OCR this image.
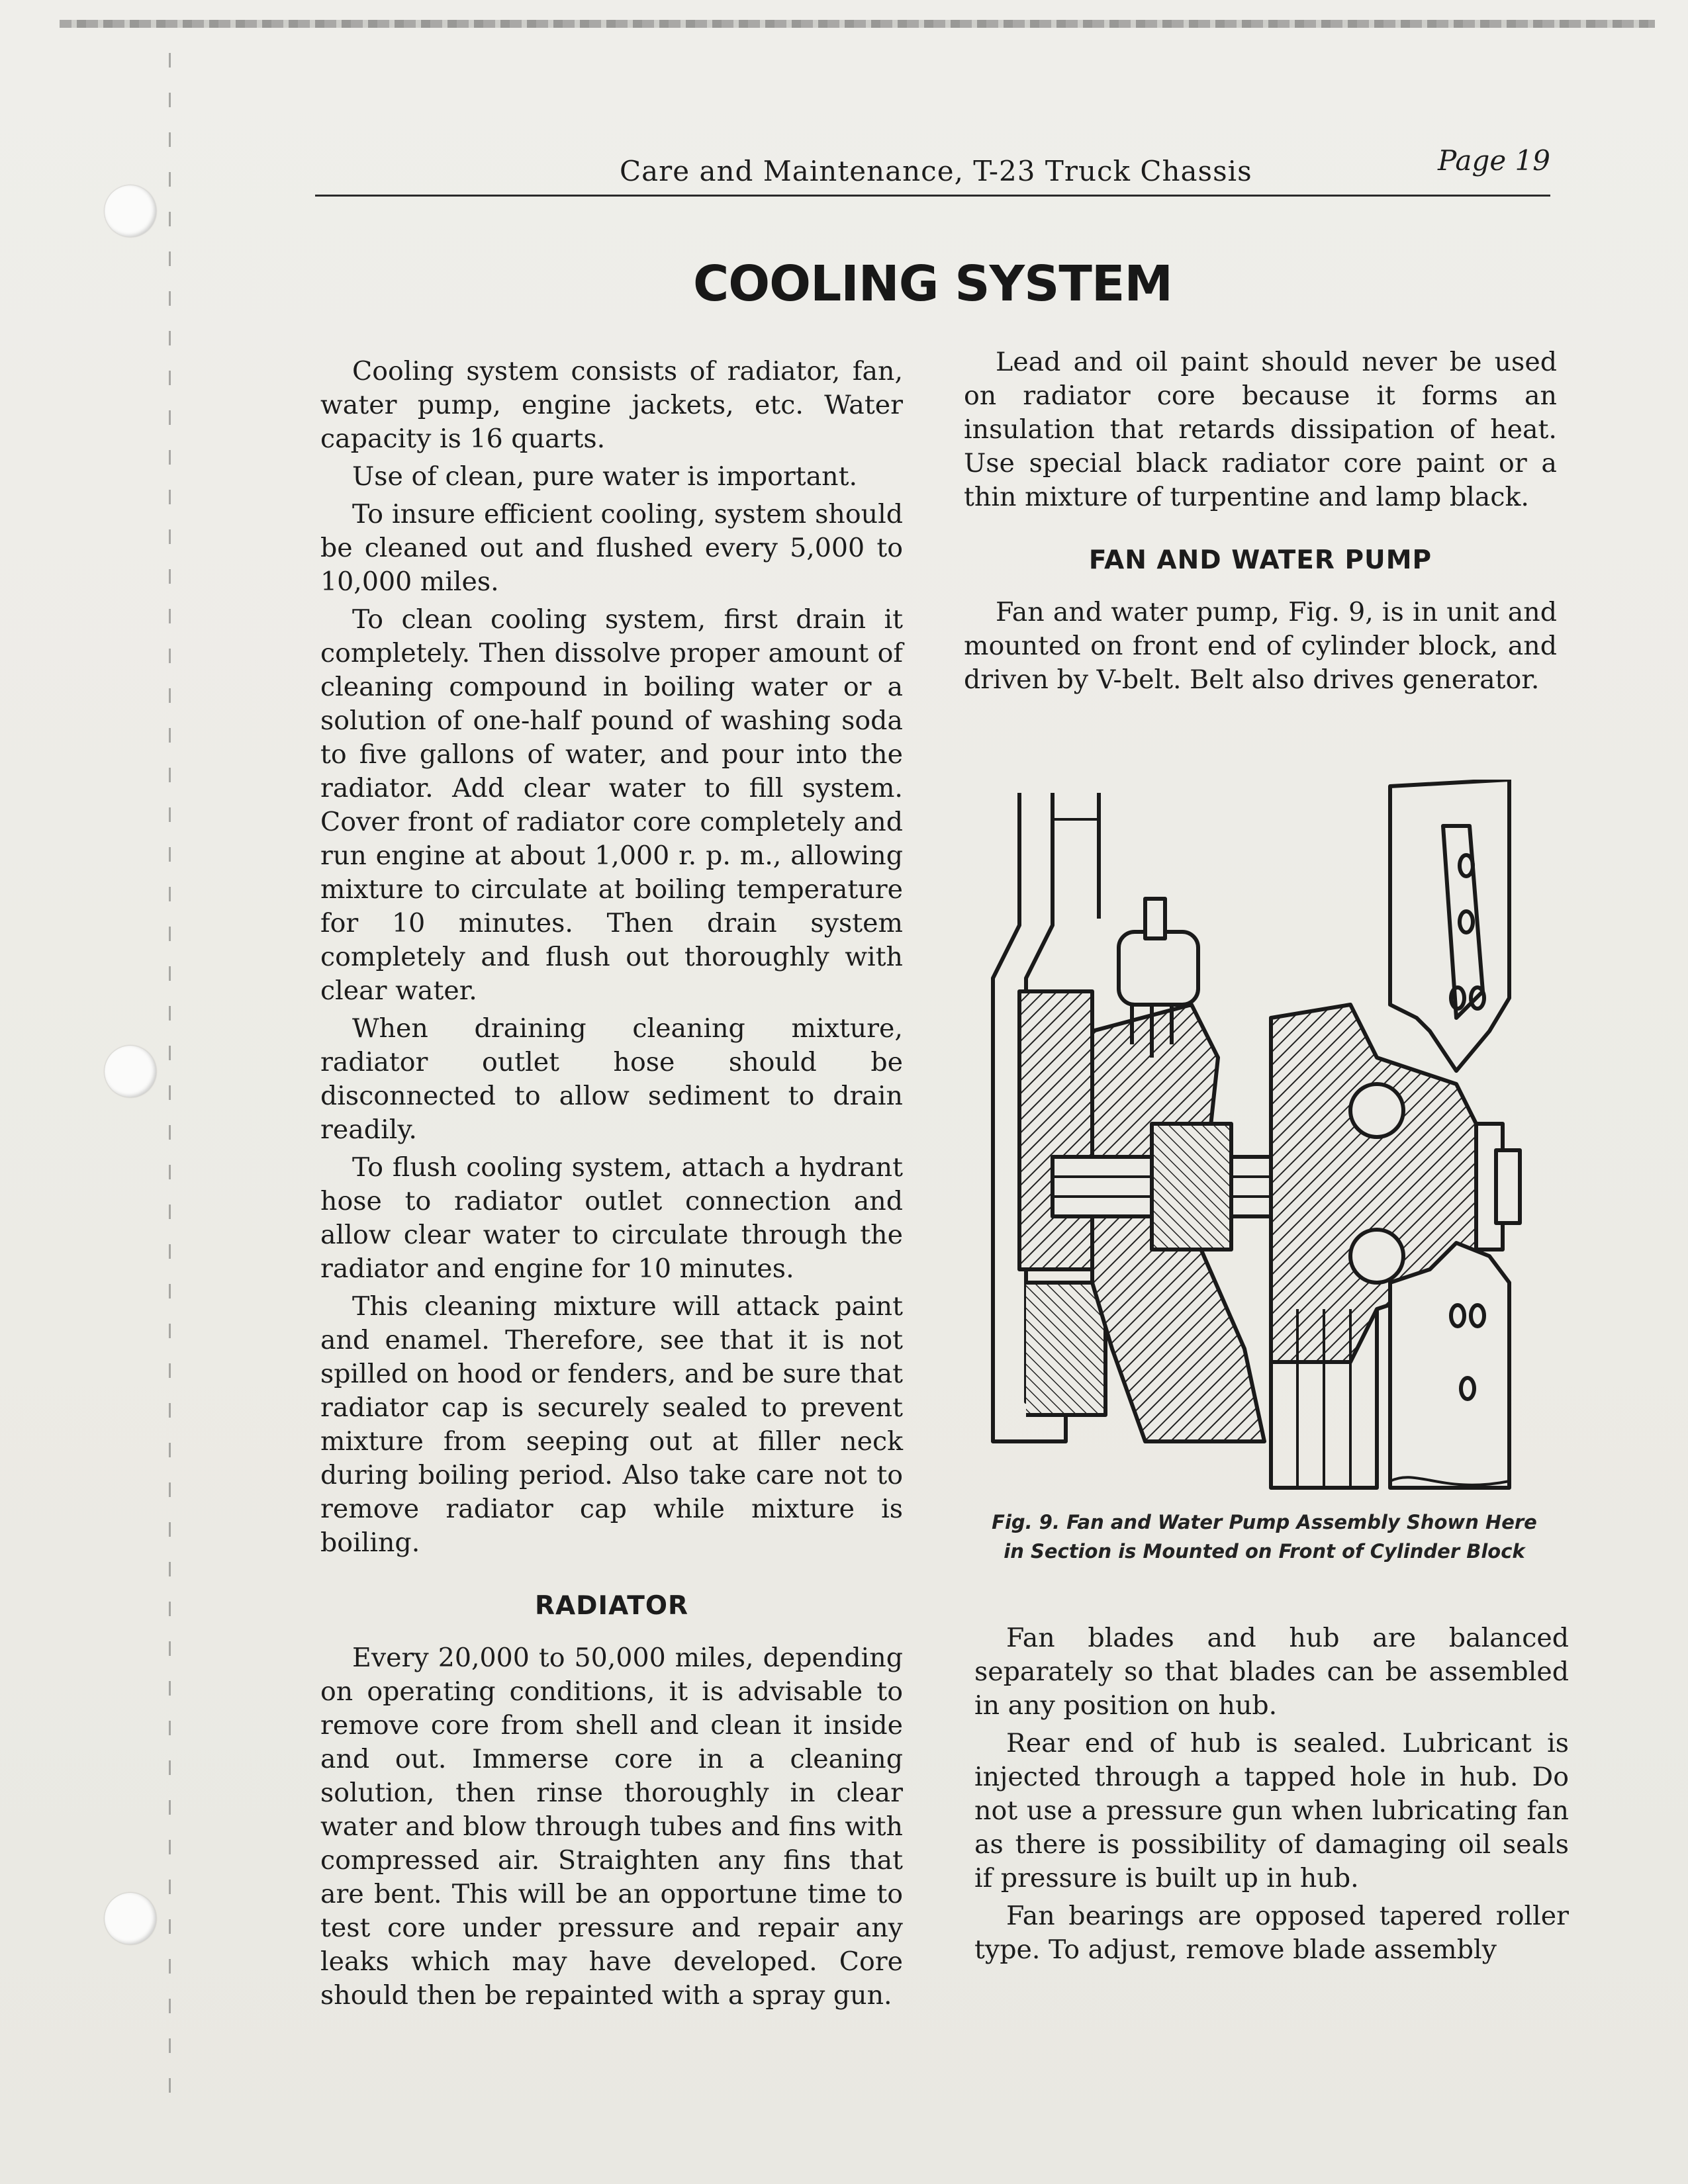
Care and Maintenance, T-23 Truck Chassis	Page 19
COOLING SYSTEM

Cooling system consists of radiator, fan, water pump, engine jackets, etc. Water capacity is 16 quarts.

Use of clean, pure water is important.

To insure efficient cooling, system should be cleaned out and flushed every 5,000 to 10,000 miles.

To clean cooling system, first drain it completely. Then dissolve proper amount of cleaning compound in boiling water or a solution of one-half pound of washing soda to five gallons of water, and pour into the radiator. Add clear water to fill system. Cover front of radiator core completely and run engine at about 1,000 r. p. m., allowing mixture to circulate at boiling temperature for 10 minutes. Then drain system completely and flush out thoroughly with clear water.

When draining cleaning mixture, radiator outlet hose should be disconnected to allow sediment to drain readily.

To flush cooling system, attach a hydrant hose to radiator outlet connection and allow clear water to circulate through the radiator and engine for 10 minutes.

This cleaning mixture will attack paint and enamel. Therefore, see that it is not spilled on hood or fenders, and be sure that radiator cap is securely sealed to prevent mixture from seeping out at filler neck during boiling period. Also take care not to remove radiator cap while mixture is boiling.

RADIATOR

Every 20,000 to 50,000 miles, depending on operating conditions, it is advisable to remove core from shell and clean it inside and out. Immerse core in a cleaning solution, then rinse thoroughly in clear water and blow through tubes and fins with compressed air. Straighten any fins that are bent. This will be an opportune time to test core under pressure and repair any leaks which may have developed. Core should then be repainted with a spray gun.

Lead and oil paint should never be used on radiator core because it forms an insulation that retards dissipation of heat. Use special black radiator core paint or a thin mixture of turpentine and lamp black.

FAN AND WATER PUMP

Fan and water pump, Fig. 9, is in unit and mounted on front end of cylinder block, and driven by V-belt. Belt also drives generator.

Fig. 9. Fan and Water Pump Assembly Shown Here in Section is Mounted on Front of Cylinder Block

Fan blades and hub are balanced separately so that blades can be assembled in any position on hub.

Rear end of hub is sealed. Lubricant is injected through a tapped hole in hub. Do not use a pressure gun when lubricating fan as there is possibility of damaging oil seals if pressure is built up in hub.

Fan bearings are opposed tapered roller type. To adjust, remove blade assembly
